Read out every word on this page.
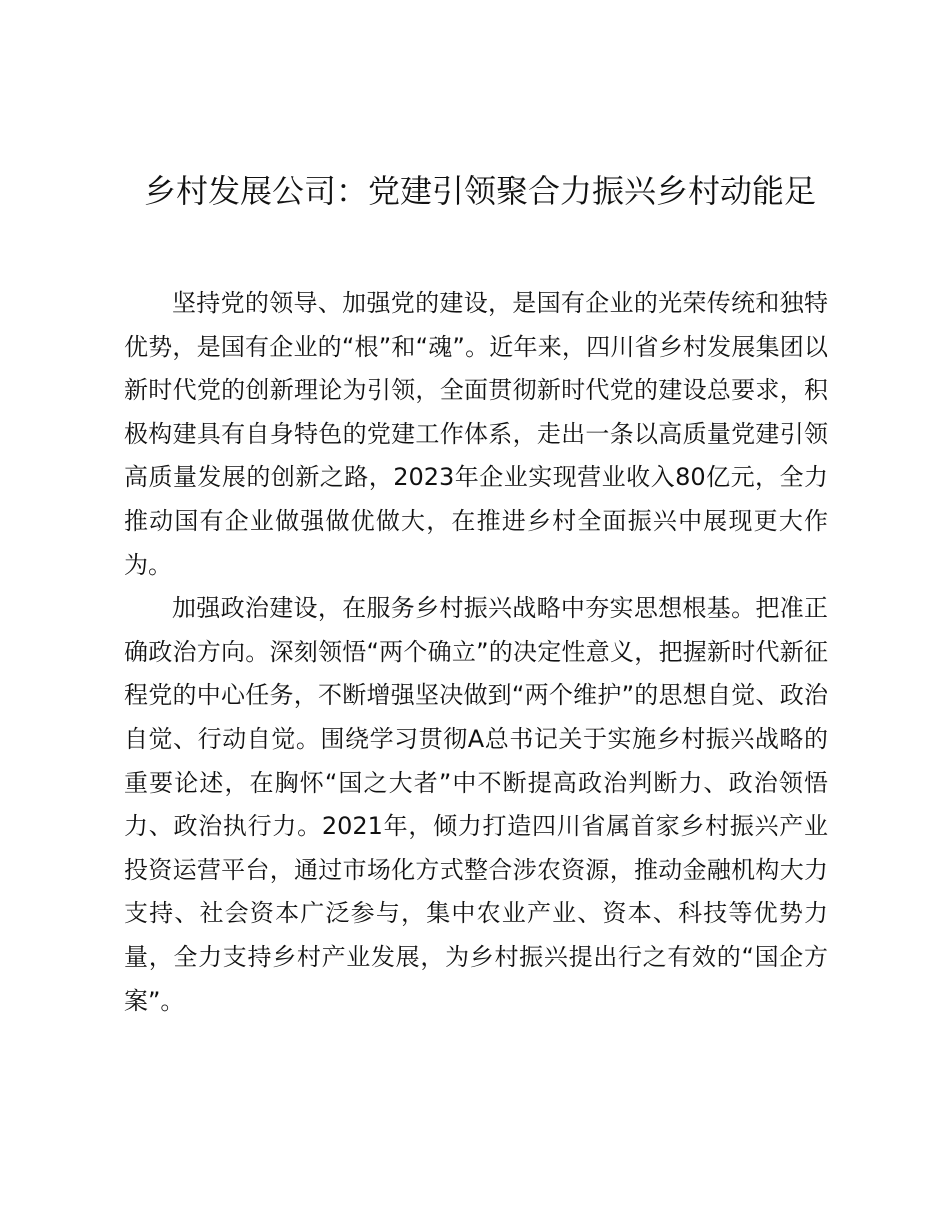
乡村发展公司：党建引领聚合力振兴乡村动能足

坚持党的领导、加强党的建设，是国有企业的光荣传统和独特优势，是国有企业的“根”和“魂”。近年来，四川省乡村发展集团以新时代党的创新理论为引领，全面贯彻新时代党的建设总要求，积极构建具有自身特色的党建工作体系，走出一条以高质量党建引领高质量发展的创新之路，2023年企业实现营业收入80亿元，全力推动国有企业做强做优做大，在推进乡村全面振兴中展现更大作为。

加强政治建设，在服务乡村振兴战略中夯实思想根基。把准正确政治方向。深刻领悟“两个确立”的决定性意义，把握新时代新征程党的中心任务，不断增强坚决做到“两个维护”的思想自觉、政治自觉、行动自觉。围绕学习贯彻A总书记关于实施乡村振兴战略的重要论述，在胸怀“国之大者”中不断提高政治判断力、政治领悟力、政治执行力。2021年，倾力打造四川省属首家乡村振兴产业投资运营平台，通过市场化方式整合涉农资源，推动金融机构大力支持、社会资本广泛参与，集中农业产业、资本、科技等优势力量，全力支持乡村产业发展，为乡村振兴提出行之有效的“国企方案”。
